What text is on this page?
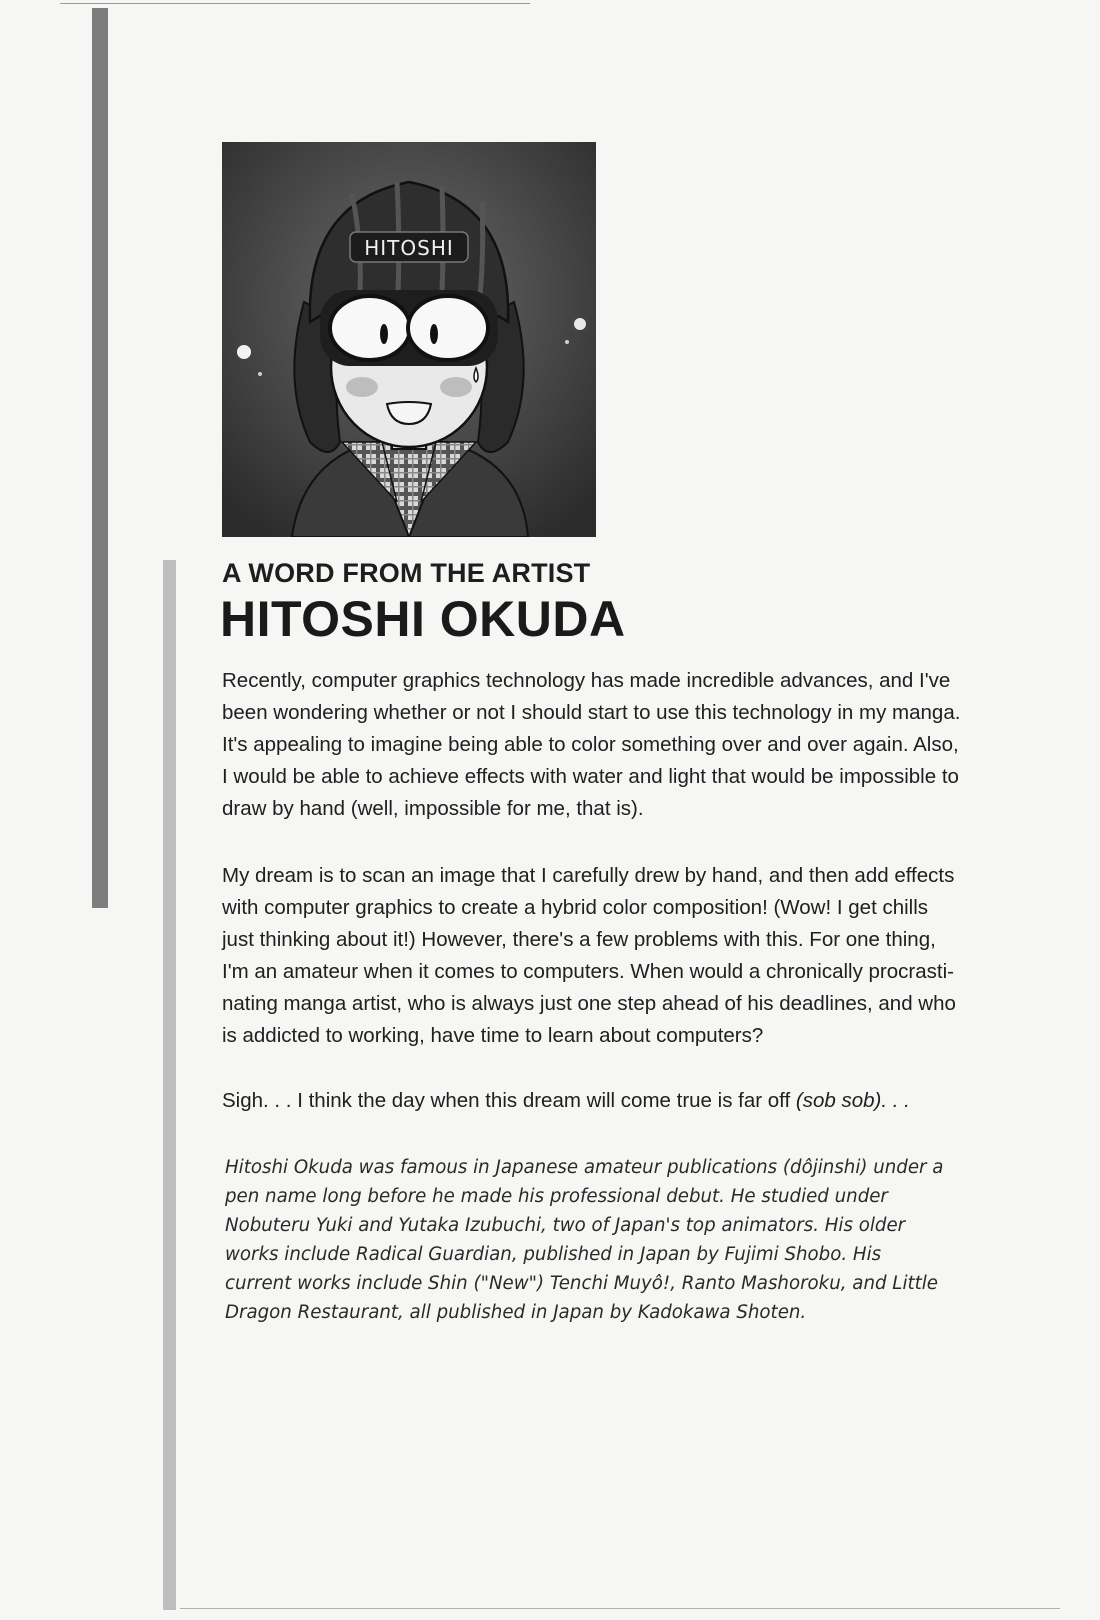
HITOSHI
A WORD FROM THE ARTIST
HITOSHI OKUDA
Recently, computer graphics technology has made incredible advances, and I've been wondering whether or not I should start to use this technology in my manga. It's appealing to imagine being able to color something over and over again. Also, I would be able to achieve effects with water and light that would be impossible to draw by hand (well, impossible for me, that is).
My dream is to scan an image that I carefully drew by hand, and then add effects with computer graphics to create a hybrid color composition! (Wow! I get chills just thinking about it!) However, there's a few problems with this. For one thing, I'm an amateur when it comes to computers. When would a chronically procrasti-nating manga artist, who is always just one step ahead of his deadlines, and who is addicted to working, have time to learn about computers?
Sigh. . . I think the day when this dream will come true is far off (sob sob). . .
Hitoshi Okuda was famous in Japanese amateur publications (dôjinshi) under a pen name long before he made his professional debut. He studied under Nobuteru Yuki and Yutaka Izubuchi, two of Japan's top animators. His older works include Radical Guardian, published in Japan by Fujimi Shobo. His current works include Shin ("New") Tenchi Muyô!, Ranto Mashoroku, and Little Dragon Restaurant, all published in Japan by Kadokawa Shoten.
